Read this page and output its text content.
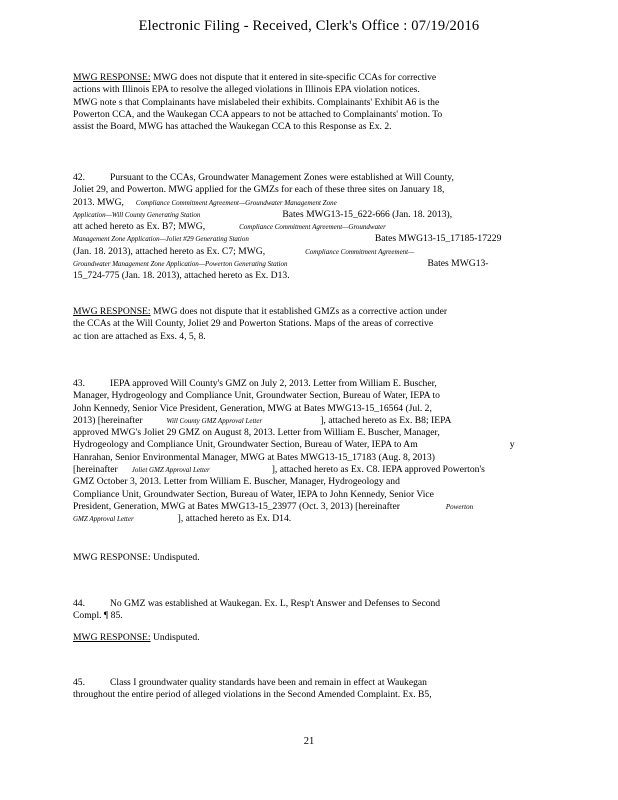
Electronic Filing - Received, Clerk's Office : 07/19/2016
MWG RESPONSE: MWG does not dispute that it entered in site-specific CCAs for corrective
actions with Illinois EPA to resolve the alleged violations in Illinois EPA violation notices.
MWG note s that Complainants have mislabeled their exhibits. Complainants' Exhibit A6 is the
Powerton CCA, and the Waukegan CCA appears to not be attached to Complainants' motion. To
assist the Board, MWG has attached the Waukegan CCA to this Response as Ex. 2.
42.	Pursuant to the CCAs, Groundwater Management Zones were established at Will County,
Joliet 29, and Powerton. MWG applied for the GMZs for each of these three sites on January 18,
2013. MWG, Compliance Commitment Agreement—Groundwater Management Zone
Application—Will County Generating Station	Bates MWG13-15_622-666 (Jan. 18. 2013),
att ached hereto as Ex. B7; MWG,	Compliance Commitment Agreement—Groundwater
Management Zone Application—Joliet #29 Generating Station	Bates MWG13-15_17185-17229
(Jan. 18. 2013), attached hereto as Ex. C7; MWG,	Compliance Commitment Agreement—
Groundwater Management Zone Application—Powerton Generating Station	Bates MWG13-
15_724-775 (Jan. 18. 2013), attached hereto as Ex. D13.
MWG RESPONSE: MWG does not dispute that it established GMZs as a corrective action under
the CCAs at the Will County, Joliet 29 and Powerton Stations. Maps of the areas of corrective
ac tion are attached as Exs. 4, 5, 8.
43.	IEPA approved Will County's GMZ on July 2, 2013. Letter from William E. Buscher,
Manager, Hydrogeology and Compliance Unit, Groundwater Section, Bureau of Water, IEPA to
John Kennedy, Senior Vice President, Generation, MWG at Bates MWG13-15_16564 (Jul. 2,
2013) [hereinafter	Will County GMZ Approval Letter	], attached hereto as Ex. B8; IEPA
approved MWG's Joliet 29 GMZ on August 8, 2013. Letter from William E. Buscher, Manager,
Hydrogeology and Compliance Unit, Groundwater Section, Bureau of Water, IEPA to Am	y
Hanrahan, Senior Environmental Manager, MWG at Bates MWG13-15_17183 (Aug. 8, 2013)
[hereinafter Joliet GMZ Approval Letter	], attached hereto as Ex. C8. IEPA approved Powerton's
GMZ October 3, 2013. Letter from William E. Buscher, Manager, Hydrogeology and
Compliance Unit, Groundwater Section, Bureau of Water, IEPA to John Kennedy, Senior Vice
President, Generation, MWG at Bates MWG13-15_23977 (Oct. 3, 2013) [hereinafter	Powerton
GMZ Approval Letter	], attached hereto as Ex. D14.
MWG RESPONSE: Undisputed.
44.	No GMZ was established at Waukegan. Ex. L, Resp't Answer and Defenses to Second
Compl. ¶ 85.
MWG RESPONSE: Undisputed.
45.	Class I groundwater quality standards have been and remain in effect at Waukegan
throughout the entire period of alleged violations in the Second Amended Complaint. Ex. B5,
21
